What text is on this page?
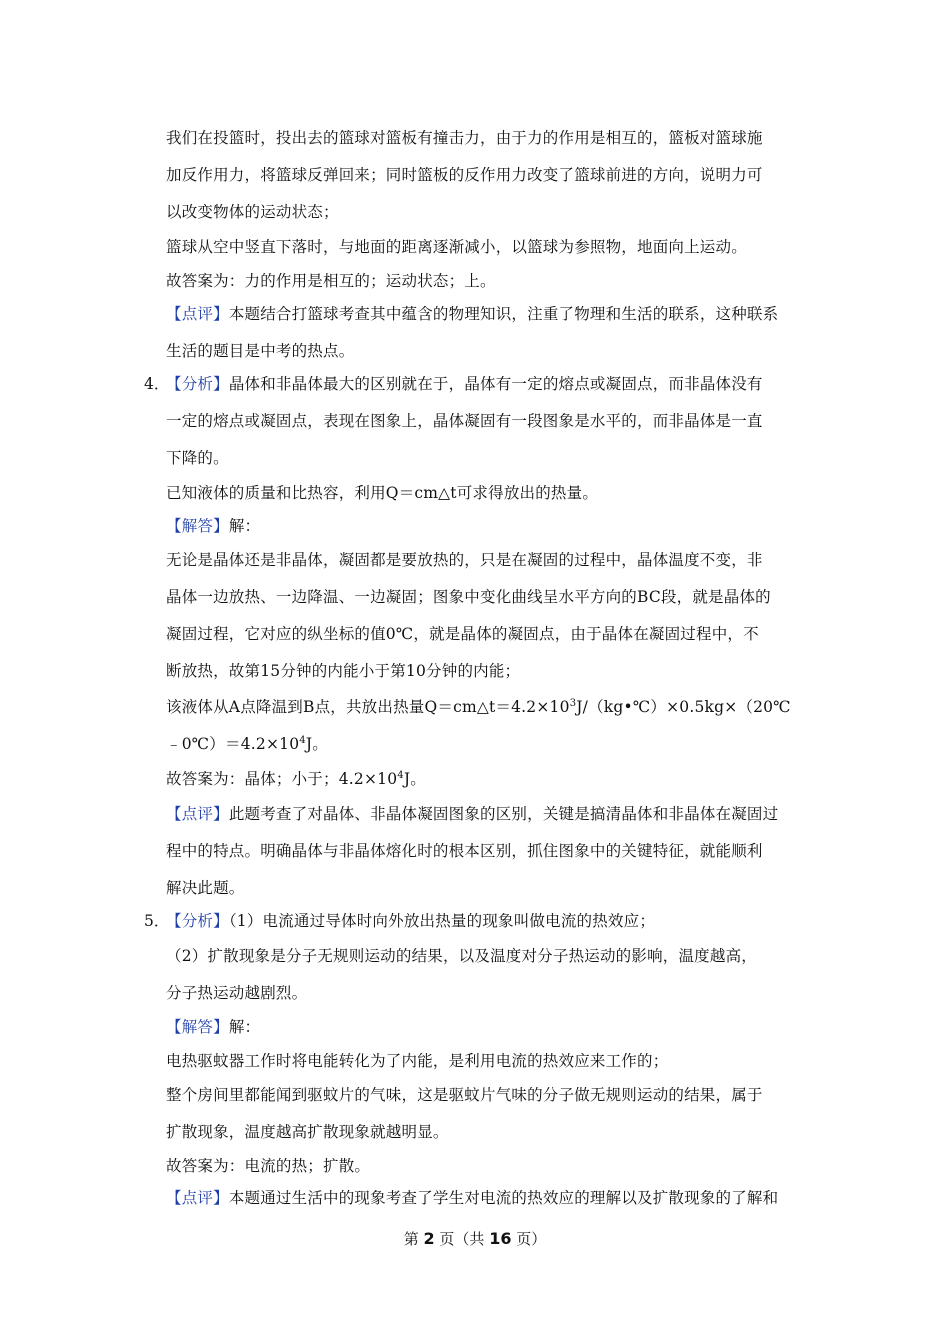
我们在投篮时，投出去的篮球对篮板有撞击力，由于力的作用是相互的，篮板对篮球施
加反作用力，将篮球反弹回来；同时篮板的反作用力改变了篮球前进的方向，说明力可
以改变物体的运动状态；
篮球从空中竖直下落时，与地面的距离逐渐减小，以篮球为参照物，地面向上运动。
故答案为：力的作用是相互的；运动状态；上。
【点评】本题结合打篮球考查其中蕴含的物理知识，注重了物理和生活的联系，这种联系
生活的题目是中考的热点。
4．
【分析】晶体和非晶体最大的区别就在于，晶体有一定的熔点或凝固点，而非晶体没有
一定的熔点或凝固点，表现在图象上，晶体凝固有一段图象是水平的，而非晶体是一直
下降的。
已知液体的质量和比热容，利用Q＝cm△t可求得放出的热量。
【解答】解：
无论是晶体还是非晶体，凝固都是要放热的，只是在凝固的过程中，晶体温度不变，非
晶体一边放热、一边降温、一边凝固；图象中变化曲线呈水平方向的BC段，就是晶体的
凝固过程，它对应的纵坐标的值0℃，就是晶体的凝固点，由于晶体在凝固过程中，不
断放热，故第15分钟的内能小于第10分钟的内能；
该液体从A点降温到B点，共放出热量$Q=cm\triangle t=4.2\times 10^3J/(kg•℃)\times 0.5kg\times(20℃$
$﹣0℃)=4.2\times 10^4J$。
故答案为：晶体；小于；$4.2\times 10^4J$。
【点评】此题考查了对晶体、非晶体凝固图象的区别，关键是搞清晶体和非晶体在凝固过
程中的特点。明确晶体与非晶体熔化时的根本区别，抓住图象中的关键特征，就能顺利
解决此题。
5．
【分析】（1）电流通过导体时向外放出热量的现象叫做电流的热效应；
（2）扩散现象是分子无规则运动的结果，以及温度对分子热运动的影响，温度越高，
分子热运动越剧烈。
【解答】解：
电热驱蚊器工作时将电能转化为了内能，是利用电流的热效应来工作的；
整个房间里都能闻到驱蚊片的气味，这是驱蚊片气味的分子做无规则运动的结果，属于
扩散现象，温度越高扩散现象就越明显。
故答案为：电流的热；扩散。
【点评】本题通过生活中的现象考查了学生对电流的热效应的理解以及扩散现象的了解和
第 2 页（共 16 页）
